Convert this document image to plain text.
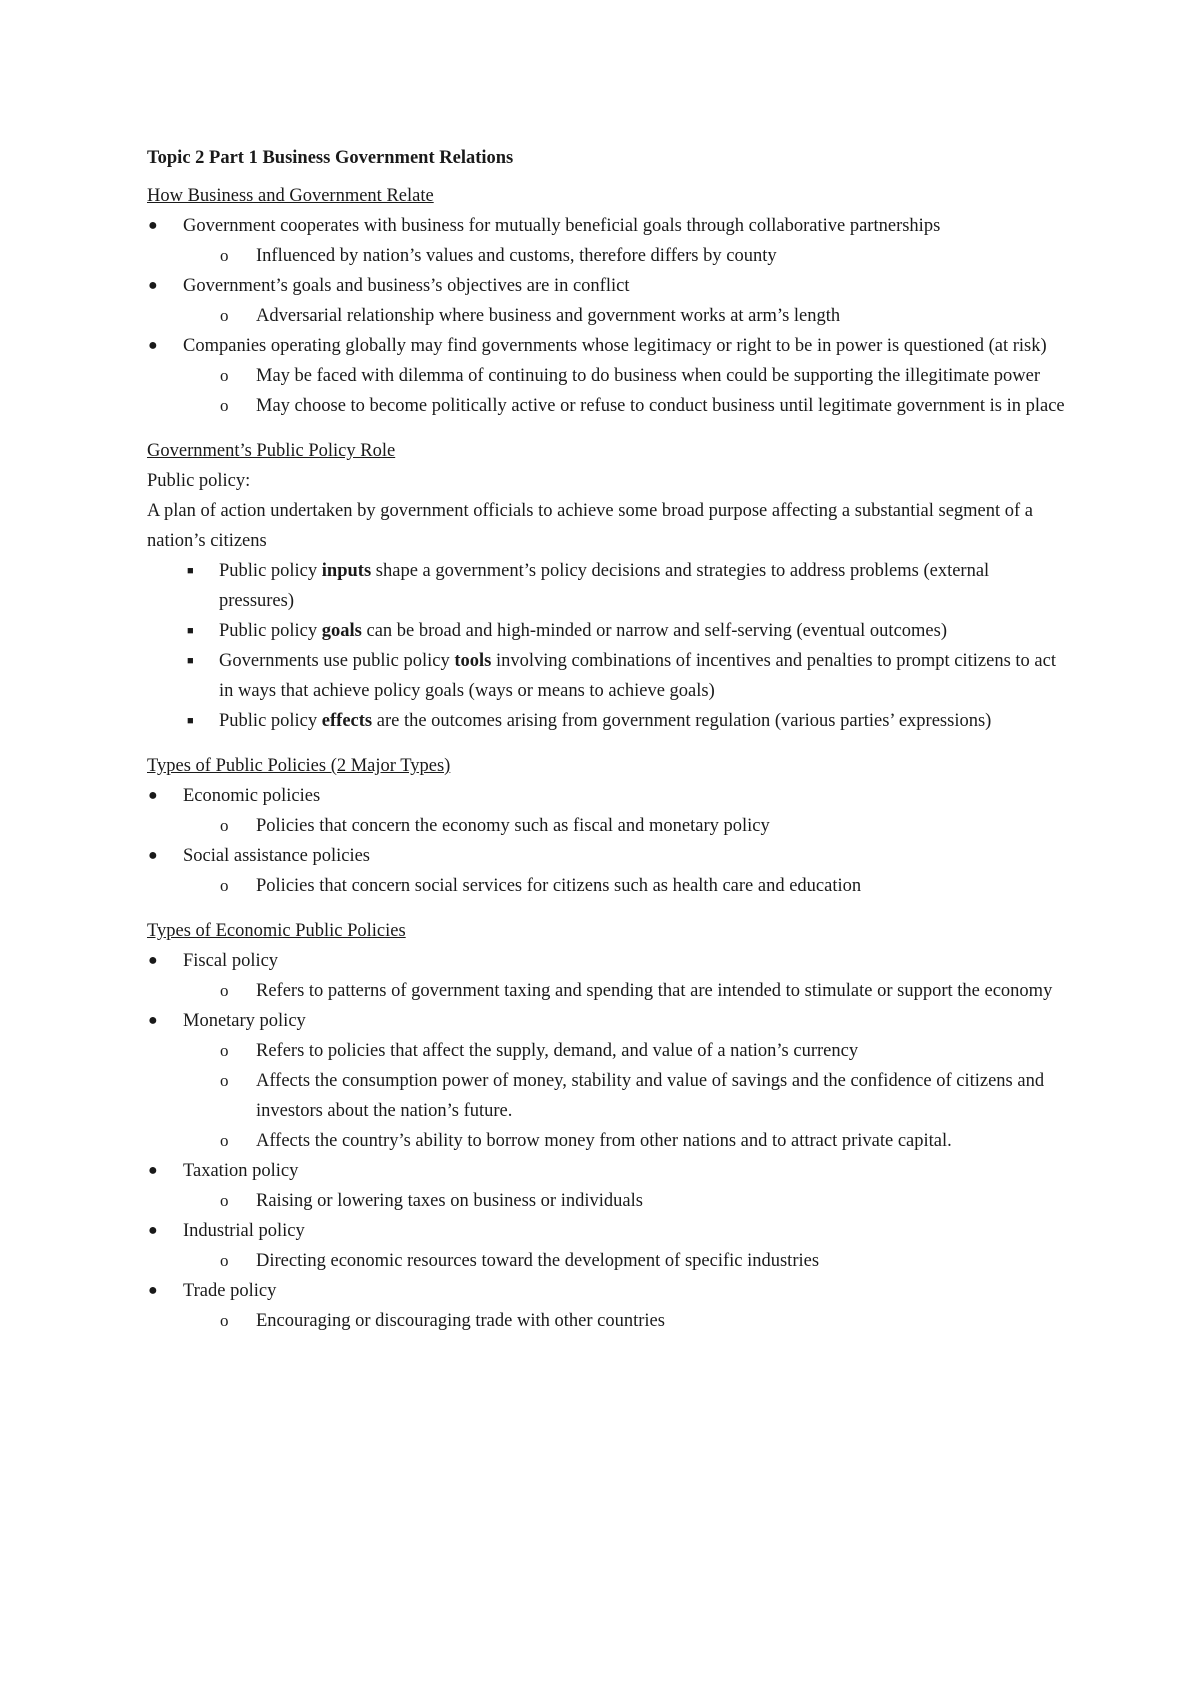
Topic 2 Part 1 Business Government Relations
How Business and Government Relate
● Government cooperates with business for mutually beneficial goals through collaborative partnerships
o Influenced by nation’s values and customs, therefore differs by county
● Government’s goals and business’s objectives are in conflict
o Adversarial relationship where business and government works at arm’s length
● Companies operating globally may find governments whose legitimacy or right to be in power is questioned (at risk)
o May be faced with dilemma of continuing to do business when could be supporting the illegitimate power
o May choose to become politically active or refuse to conduct business until legitimate government is in place
Government’s Public Policy Role
Public policy:
A plan of action undertaken by government officials to achieve some broad purpose affecting a substantial segment of a nation’s citizens
■ Public policy inputs shape a government’s policy decisions and strategies to address problems (external pressures)
■ Public policy goals can be broad and high-minded or narrow and self-serving (eventual outcomes)
■ Governments use public policy tools involving combinations of incentives and penalties to prompt citizens to act in ways that achieve policy goals (ways or means to achieve goals)
■ Public policy effects are the outcomes arising from government regulation (various parties’ expressions)
Types of Public Policies (2 Major Types)
● Economic policies
o Policies that concern the economy such as fiscal and monetary policy
● Social assistance policies
o Policies that concern social services for citizens such as health care and education
Types of Economic Public Policies
● Fiscal policy
o Refers to patterns of government taxing and spending that are intended to stimulate or support the economy
● Monetary policy
o Refers to policies that affect the supply, demand, and value of a nation’s currency
o Affects the consumption power of money, stability and value of savings and the confidence of citizens and investors about the nation’s future.
o Affects the country’s ability to borrow money from other nations and to attract private capital.
● Taxation policy
o Raising or lowering taxes on business or individuals
● Industrial policy
o Directing economic resources toward the development of specific industries
● Trade policy
o Encouraging or discouraging trade with other countries
